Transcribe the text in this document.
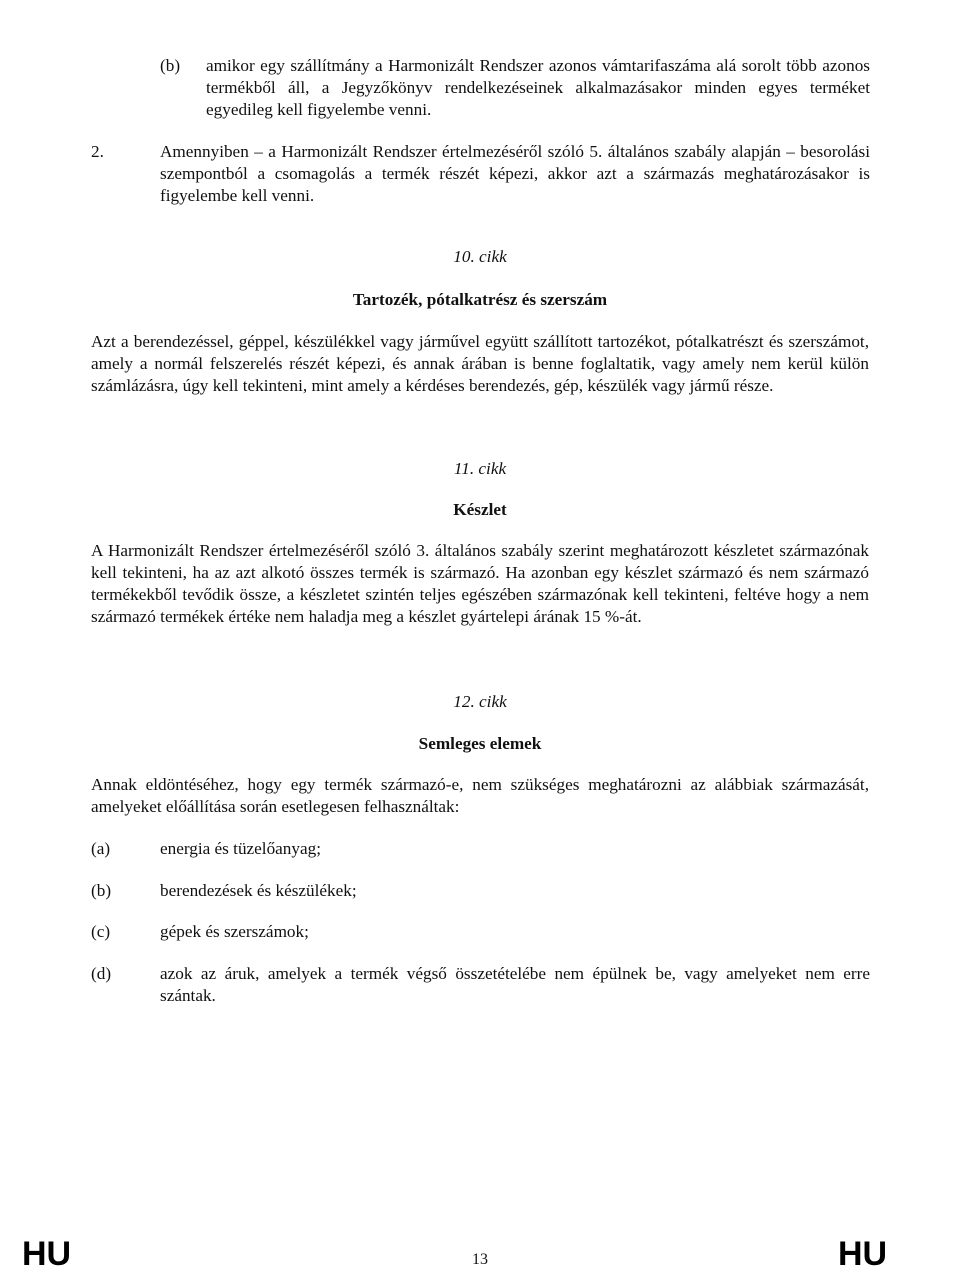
(b) amikor egy szállítmány a Harmonizált Rendszer azonos vámtarifaszáma alá sorolt több azonos termékből áll, a Jegyzőkönyv rendelkezéseinek alkalmazásakor minden egyes terméket egyedileg kell figyelembe venni.
2.	Amennyiben – a Harmonizált Rendszer értelmezéséről szóló 5. általános szabály alapján – besorolási szempontból a csomagolás a termék részét képezi, akkor azt a származás meghatározásakor is figyelembe kell venni.
10. cikk
Tartozék, pótalkatrész és szerszám
Azt a berendezéssel, géppel, készülékkel vagy járművel együtt szállított tartozékot, pótalkatrészt és szerszámot, amely a normál felszerelés részét képezi, és annak árában is benne foglaltatik, vagy amely nem kerül külön számlázásra, úgy kell tekinteni, mint amely a kérdéses berendezés, gép, készülék vagy jármű része.
11. cikk
Készlet
A Harmonizált Rendszer értelmezéséről szóló 3. általános szabály szerint meghatározott készletet származónak kell tekinteni, ha az azt alkotó összes termék is származó. Ha azonban egy készlet származó és nem származó termékekből tevődik össze, a készletet szintén teljes egészében származónak kell tekinteni, feltéve hogy a nem származó termékek értéke nem haladja meg a készlet gyártelepi árának 15 %-át.
12. cikk
Semleges elemek
Annak eldöntéséhez, hogy egy termék származó-e, nem szükséges meghatározni az alábbiak származását, amelyeket előállítása során esetlegesen felhasználtak:
(a)	energia és tüzelőanyag;
(b)	berendezések és készülékek;
(c)	gépek és szerszámok;
(d)	azok az áruk, amelyek a termék végső összetételébe nem épülnek be, vagy amelyeket nem erre szántak.
HU	13	HU
